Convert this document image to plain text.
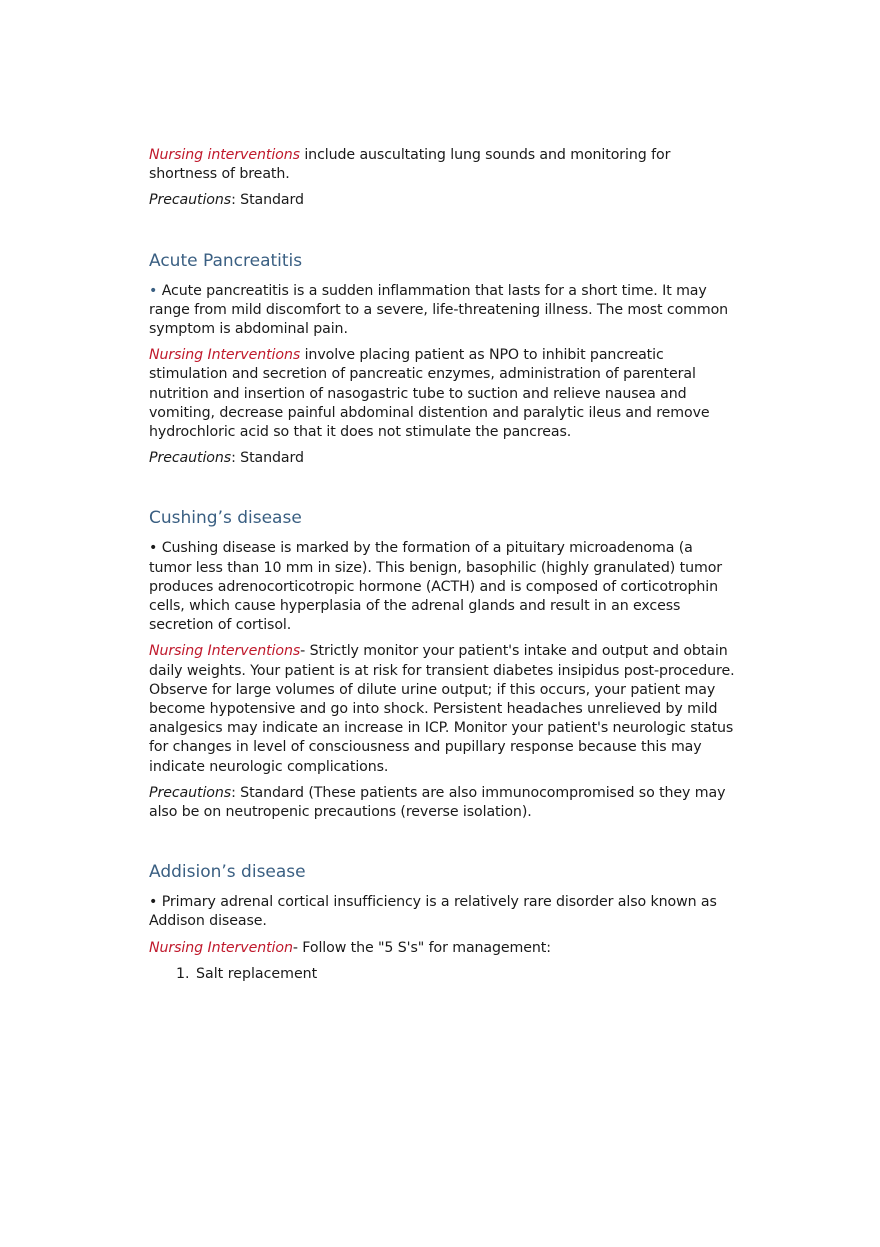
Nursing interventions include auscultating lung sounds and monitoring for shortness of breath.

Precautions: Standard

Acute Pancreatitis

• Acute pancreatitis is a sudden inflammation that lasts for a short time. It may range from mild discomfort to a severe, life-threatening illness. The most common symptom is abdominal pain.

Nursing Interventions involve placing patient as NPO to inhibit pancreatic stimulation and secretion of pancreatic enzymes, administration of parenteral nutrition and insertion of nasogastric tube to suction and relieve nausea and vomiting, decrease painful abdominal distention and paralytic ileus and remove hydrochloric acid so that it does not stimulate the pancreas.

Precautions: Standard

Cushing’s disease

• Cushing disease is marked by the formation of a pituitary microadenoma (a tumor less than 10 mm in size). This benign, basophilic (highly granulated) tumor produces adrenocorticotropic hormone (ACTH) and is composed of corticotrophin cells, which cause hyperplasia of the adrenal glands and result in an excess secretion of cortisol.

Nursing Interventions- Strictly monitor your patient's intake and output and obtain daily weights. Your patient is at risk for transient diabetes insipidus post-procedure. Observe for large volumes of dilute urine output; if this occurs, your patient may become hypotensive and go into shock. Persistent headaches unrelieved by mild analgesics may indicate an increase in ICP. Monitor your patient's neurologic status for changes in level of consciousness and pupillary response because this may indicate neurologic complications.

Precautions: Standard (These patients are also immunocompromised so they may also be on neutropenic precautions (reverse isolation).

Addision’s disease

• Primary adrenal cortical insufficiency is a relatively rare disorder also known as Addison disease.

Nursing Intervention- Follow the "5 S's" for management:

1. Salt replacement
